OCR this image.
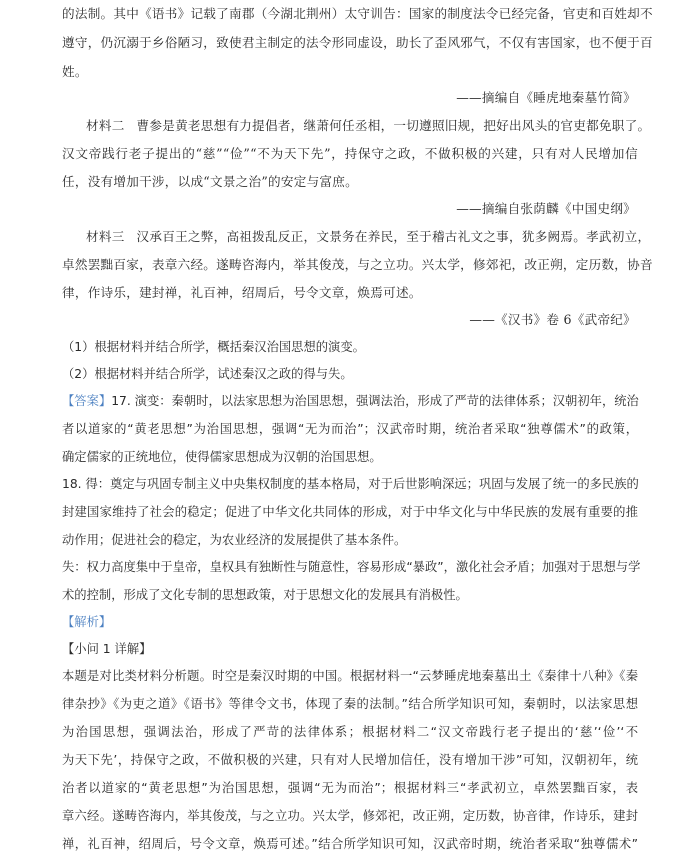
的法制。其中《语书》记载了南郡（今湖北荆州）太守训告：国家的制度法令已经完备，官吏和百姓却不
遵守，仍沉溺于乡俗陋习，致使君主制定的法令形同虚设，助长了歪风邪气，不仅有害国家，也不便于百
姓。
——摘编自《睡虎地秦墓竹简》
材料二 曹参是黄老思想有力提倡者，继萧何任丞相，一切遵照旧规，把好出风头的官吏都免职了。
汉文帝践行老子提出的“慈”“俭”“不为天下先”，持保守之政，不做积极的兴建，只有对人民增加信
任，没有增加干涉，以成“文景之治”的安定与富庶。
——摘编自张荫麟《中国史纲》
材料三 汉承百王之弊，高祖拨乱反正，文景务在养民，至于稽古礼文之事，犹多阙焉。孝武初立，
卓然罢黜百家，表章六经。遂畴咨海内，举其俊茂，与之立功。兴太学，修郊祀，改正朔，定历数，协音
律，作诗乐，建封禅，礼百神，绍周后，号令文章，焕焉可述。
——《汉书》卷 6《武帝纪》
（1）根据材料并结合所学，概括秦汉治国思想的演变。
（2）根据材料并结合所学，试述秦汉之政的得与失。
【答案】17. 演变：秦朝时，以法家思想为治国思想，强调法治，形成了严苛的法律体系；汉朝初年，统治
者以道家的“黄老思想”为治国思想，强调“无为而治”；汉武帝时期，统治者采取“独尊儒术”的政策，
确定儒家的正统地位，使得儒家思想成为汉朝的治国思想。
18. 得：奠定与巩固专制主义中央集权制度的基本格局，对于后世影响深远；巩固与发展了统一的多民族的
封建国家维持了社会的稳定；促进了中华文化共同体的形成，对于中华文化与中华民族的发展有重要的推
动作用；促进社会的稳定，为农业经济的发展提供了基本条件。
失：权力高度集中于皇帝，皇权具有独断性与随意性，容易形成“暴政”，激化社会矛盾；加强对于思想与学
术的控制，形成了文化专制的思想政策，对于思想文化的发展具有消极性。
【解析】
【小问 1 详解】
本题是对比类材料分析题。时空是秦汉时期的中国。根据材料一“云梦睡虎地秦墓出土《秦律十八种》《秦
律杂抄》《为吏之道》《语书》等律令文书，体现了秦的法制。”结合所学知识可知，秦朝时，以法家思想
为治国思想，强调法治，形成了严苛的法律体系；根据材料二“汉文帝践行老子提出的‘慈’‘俭’‘不
为天下先’，持保守之政，不做积极的兴建，只有对人民增加信任，没有增加干涉”可知，汉朝初年，统
治者以道家的“黄老思想”为治国思想，强调“无为而治”；根据材料三“孝武初立，卓然罢黜百家，表
章六经。遂畴咨海内，举其俊茂，与之立功。兴太学，修郊祀，改正朔，定历数，协音律，作诗乐，建封
禅，礼百神，绍周后，号令文章，焕焉可述。”结合所学知识可知，汉武帝时期，统治者采取“独尊儒术”
